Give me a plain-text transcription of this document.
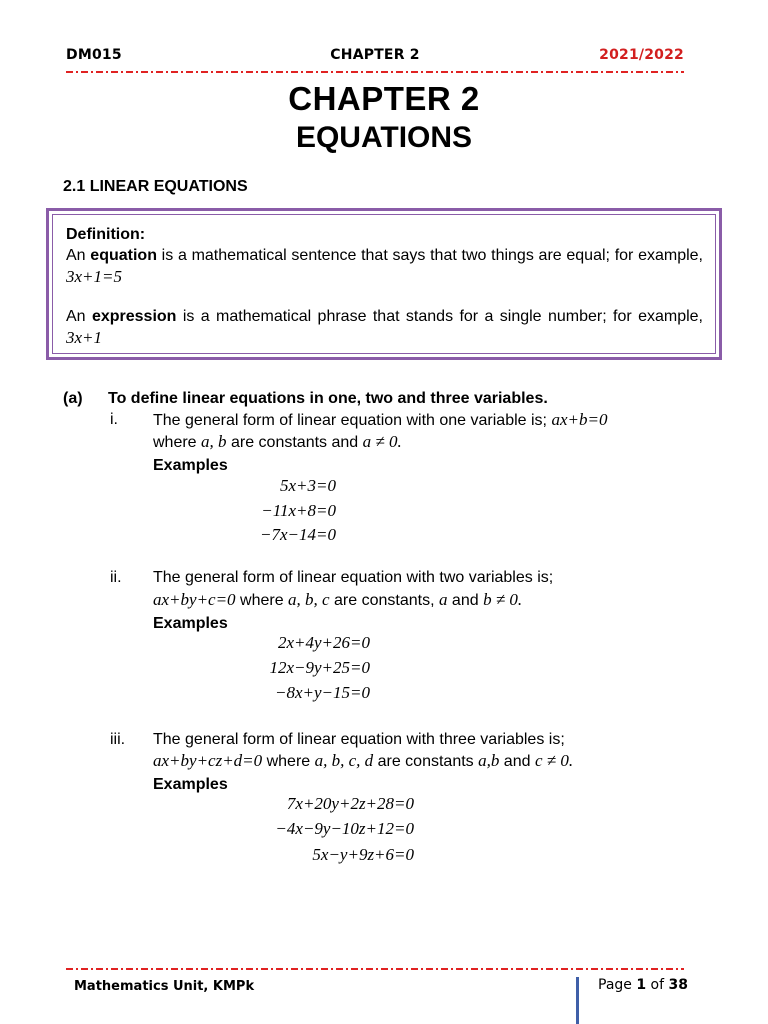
DM015	CHAPTER 2	2021/2022
CHAPTER 2
EQUATIONS
2.1 LINEAR EQUATIONS
Definition:
An equation is a mathematical sentence that says that two things are equal; for example, 3x+1=5
An expression is a mathematical phrase that stands for a single number; for example, 3x+1
(a) To define linear equations in one, two and three variables.
i. The general form of linear equation with one variable is; ax+b=0
where a, b are constants and a ≠ 0.
Examples
5x+3=0
−11x+8=0
−7x−14=0
ii. The general form of linear equation with two variables is;
ax+by+c=0 where a, b, c are constants, a and b ≠ 0.
Examples
2x+4y+26=0
12x−9y+25=0
−8x+y−15=0
iii. The general form of linear equation with three variables is;
ax+by+cz+d=0 where a, b, c, d are constants a,b and c ≠ 0.
Examples
7x+20y+2z+28=0
−4x−9y−10z+12=0
5x−y+9z+6=0
Mathematics Unit, KMPk	Page 1 of 38
